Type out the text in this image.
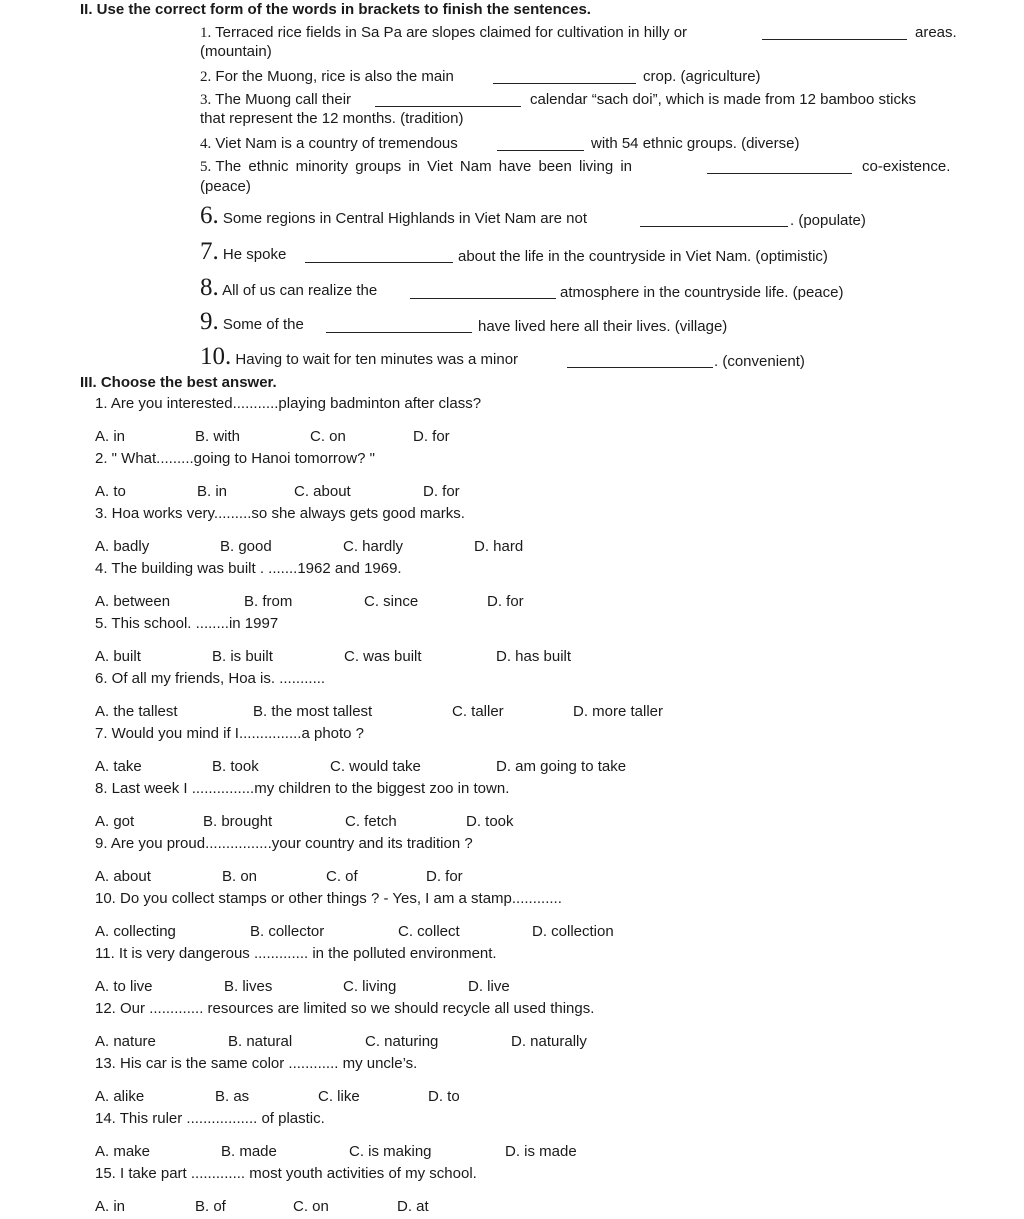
II. Use the correct form of the words in brackets to finish the sentences.
1. Terraced rice fields in Sa Pa are slopes claimed for cultivation in hilly or	areas.
(mountain)
2. For the Muong, rice is also the main	crop. (agriculture)
3. The Muong call their	calendar “sach doi”, which is made from 12 bamboo sticks
that represent the 12 months. (tradition)
4. Viet Nam is a country of tremendous	with 54 ethnic groups. (diverse)
5. The ethnic minority groups in Viet Nam have been living in	co-existence.
(peace)
6. Some regions in Central Highlands in Viet Nam are not	. (populate)
7. He spoke	about the life in the countryside in Viet Nam. (optimistic)
8. All of us can realize the	atmosphere in the countryside life. (peace)
9. Some of the	have lived here all their lives. (village)
10. Having to wait for ten minutes was a minor	. (convenient)
III. Choose the best answer.
1. Are you interested...........playing badminton after class?
A. in	B. with	C. on	D. for
2. " What.........going to Hanoi tomorrow? "
A. to	B. in	C. about	D. for
3. Hoa works very.........so she always gets good marks.
A. badly	B. good	C. hardly	D. hard
4. The building was built . .......1962 and 1969.
A. between	B. from	C. since	D. for
5. This school. ........in 1997
A. built	B. is built	C. was built	D. has built
6. Of all my friends, Hoa is. ...........
A. the tallest	B. the most tallest	C. taller	D. more taller
7. Would you mind if I...............a photo ?
A. take	B. took	C. would take	D. am going to take
8. Last week I ...............my children to the biggest zoo in town.
A. got	B. brought	C. fetch	D. took
9. Are you proud................your country and its tradition ?
A. about	B. on	C. of	D. for
10. Do you collect stamps or other things ? - Yes, I am a stamp............
A. collecting	B. collector	C. collect	D. collection
11. It is very dangerous ............. in the polluted environment.
A. to live	B. lives	C. living	D. live
12. Our ............. resources are limited so we should recycle all used things.
A. nature	B. natural	C. naturing	D. naturally
13. His car is the same color ............ my uncle’s.
A. alike	B. as	C. like	D. to
14. This ruler ................. of plastic.
A. make	B. made	C. is making	D. is made
15. I take part ............. most youth activities of my school.
A. in	B. of	C. on	D. at
